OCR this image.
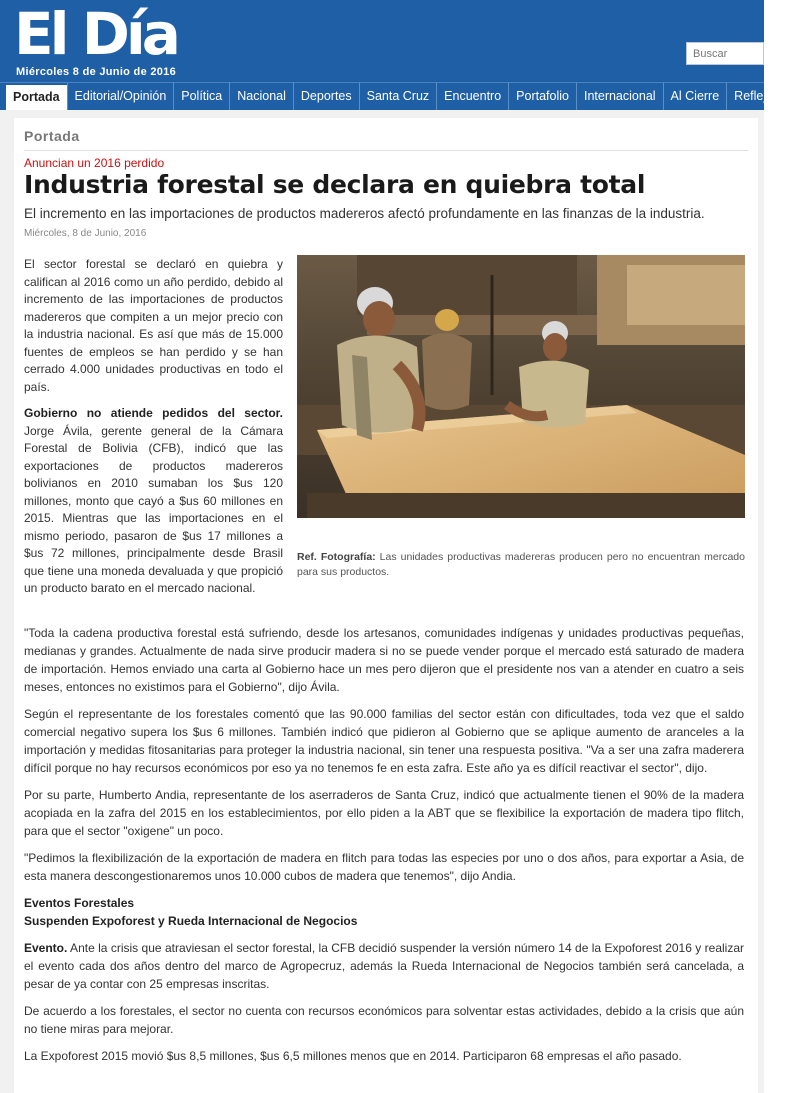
El Día
Miércoles 8 de Junio de 2016
Buscar
Portada Editorial/Opinión Política Nacional Deportes Santa Cruz Encuentro Portafolio Internacional Al Cierre Reflejos
Portada
Anuncian un 2016 perdido
Industria forestal se declara en quiebra total
El incremento en las importaciones de productos madereros afectó profundamente en las finanzas de la industria.
Miércoles, 8 de Junio, 2016

El sector forestal se declaró en quiebra y califican al 2016 como un año perdido, debido al incremento de las importaciones de productos madereros que compiten a un mejor precio con la industria nacional. Es así que más de 15.000 fuentes de empleos se han perdido y se han cerrado 4.000 unidades productivas en todo el país.

Gobierno no atiende pedidos del sector. Jorge Ávila, gerente general de la Cámara Forestal de Bolivia (CFB), indicó que las exportaciones de productos madereros bolivianos en 2010 sumaban los $us 120 millones, monto que cayó a $us 60 millones en 2015. Mientras que las importaciones en el mismo periodo, pasaron de $us 17 millones a $us 72 millones, principalmente desde Brasil que tiene una moneda devaluada y que propició un producto barato en el mercado nacional.

Ref. Fotografía: Las unidades productivas madereras producen pero no encuentran mercado para sus productos.

"Toda la cadena productiva forestal está sufriendo, desde los artesanos, comunidades indígenas y unidades productivas pequeñas, medianas y grandes. Actualmente de nada sirve producir madera si no se puede vender porque el mercado está saturado de madera de importación. Hemos enviado una carta al Gobierno hace un mes pero dijeron que el presidente nos van a atender en cuatro a seis meses, entonces no existimos para el Gobierno", dijo Ávila.

Según el representante de los forestales comentó que las 90.000 familias del sector están con dificultades, toda vez que el saldo comercial negativo supera los $us 6 millones. También indicó que pidieron al Gobierno que se aplique aumento de aranceles a la importación y medidas fitosanitarias para proteger la industria nacional, sin tener una respuesta positiva. "Va a ser una zafra maderera difícil porque no hay recursos económicos por eso ya no tenemos fe en esta zafra. Este año ya es difícil reactivar el sector", dijo.

Por su parte, Humberto Andia, representante de los aserraderos de Santa Cruz, indicó que actualmente tienen el 90% de la madera acopiada en la zafra del 2015 en los establecimientos, por ello piden a la ABT que se flexibilice la exportación de madera tipo flitch, para que el sector "oxigene" un poco.

"Pedimos la flexibilización de la exportación de madera en flitch para todas las especies por uno o dos años, para exportar a Asia, de esta manera descongestionaremos unos 10.000 cubos de madera que tenemos", dijo Andia.

Eventos Forestales
Suspenden Expoforest y Rueda Internacional de Negocios

Evento. Ante la crisis que atraviesan el sector forestal, la CFB decidió suspender la versión número 14 de la Expoforest 2016 y realizar el evento cada dos años dentro del marco de Agropecruz, además la Rueda Internacional de Negocios también será cancelada, a pesar de ya contar con 25 empresas inscritas.

De acuerdo a los forestales, el sector no cuenta con recursos económicos para solventar estas actividades, debido a la crisis que aún no tiene miras para mejorar.

La Expoforest 2015 movió $us 8,5 millones, $us 6,5 millones menos que en 2014. Participaron 68 empresas el año pasado.
